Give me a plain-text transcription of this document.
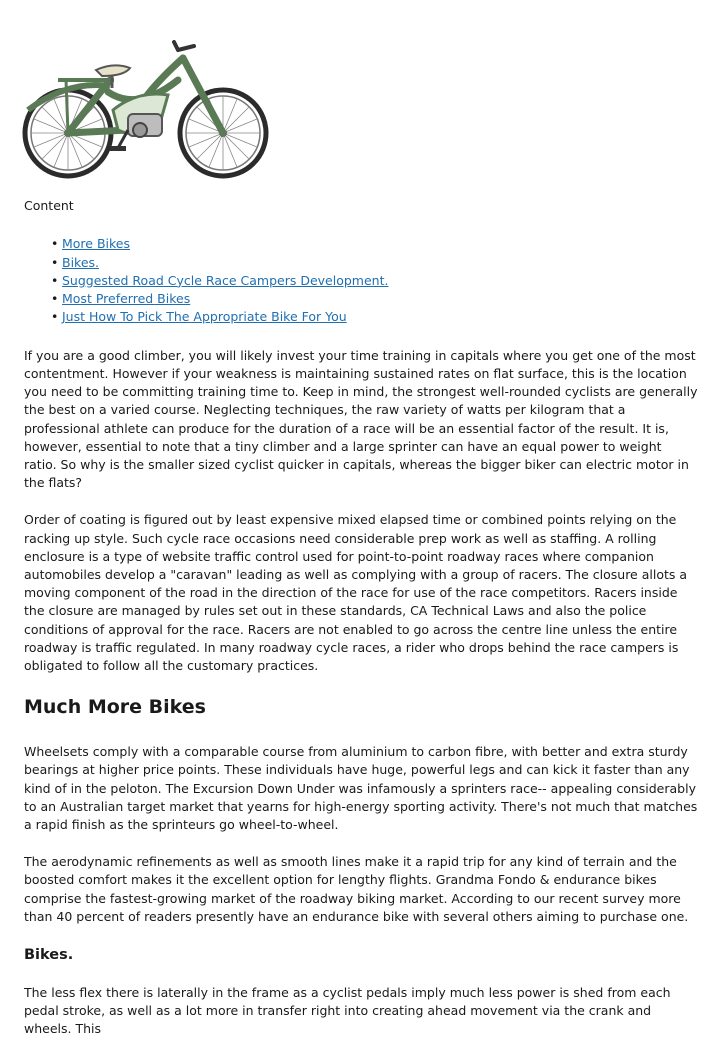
Content
• More Bikes
• Bikes.
• Suggested Road Cycle Race Campers Development.
• Most Preferred Bikes
• Just How To Pick The Appropriate Bike For You

If you are a good climber, you will likely invest your time training in capitals where you get one of the most contentment. However if your weakness is maintaining sustained rates on flat surface, this is the location you need to be committing training time to. Keep in mind, the strongest well-rounded cyclists are generally the best on a varied course. Neglecting techniques, the raw variety of watts per kilogram that a professional athlete can produce for the duration of a race will be an essential factor of the result. It is, however, essential to note that a tiny climber and a large sprinter can have an equal power to weight ratio. So why is the smaller sized cyclist quicker in capitals, whereas the bigger biker can electric motor in the flats?

Order of coating is figured out by least expensive mixed elapsed time or combined points relying on the racking up style. Such cycle race occasions need considerable prep work as well as staffing. A rolling enclosure is a type of website traffic control used for point-to-point roadway races where companion automobiles develop a "caravan" leading as well as complying with a group of racers. The closure allots a moving component of the road in the direction of the race for use of the race competitors. Racers inside the closure are managed by rules set out in these standards, CA Technical Laws and also the police conditions of approval for the race. Racers are not enabled to go across the centre line unless the entire roadway is traffic regulated. In many roadway cycle races, a rider who drops behind the race campers is obligated to follow all the customary practices.

Much More Bikes

Wheelsets comply with a comparable course from aluminium to carbon fibre, with better and extra sturdy bearings at higher price points. These individuals have huge, powerful legs and can kick it faster than any kind of in the peloton. The Excursion Down Under was infamously a sprinters race-- appealing considerably to an Australian target market that yearns for high-energy sporting activity. There's not much that matches a rapid finish as the sprinteurs go wheel-to-wheel.

The aerodynamic refinements as well as smooth lines make it a rapid trip for any kind of terrain and the boosted comfort makes it the excellent option for lengthy flights. Grandma Fondo & endurance bikes comprise the fastest-growing market of the roadway biking market. According to our recent survey more than 40 percent of readers presently have an endurance bike with several others aiming to purchase one.

Bikes.

The less flex there is laterally in the frame as a cyclist pedals imply much less power is shed from each pedal stroke, as well as a lot more in transfer right into creating ahead movement via the crank and wheels. This
